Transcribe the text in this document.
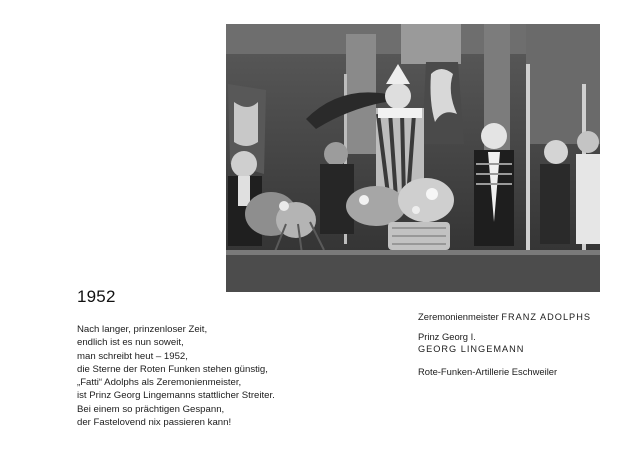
1952
Nach langer, prinzenloser Zeit,
endlich ist es nun soweit,
man schreibt heut – 1952,
die Sterne der Roten Funken stehen günstig,
„Fatti“ Adolphs als Zeremonienmeister,
ist Prinz Georg Lingemanns stattlicher Streiter.
Bei einem so prächtigen Gespann,
der Fastelovend nix passieren kann!
Zeremonienmeister FRANZ ADOLPHS
Prinz Georg I.
GEORG LINGEMANN
Rote-Funken-Artillerie Eschweiler
